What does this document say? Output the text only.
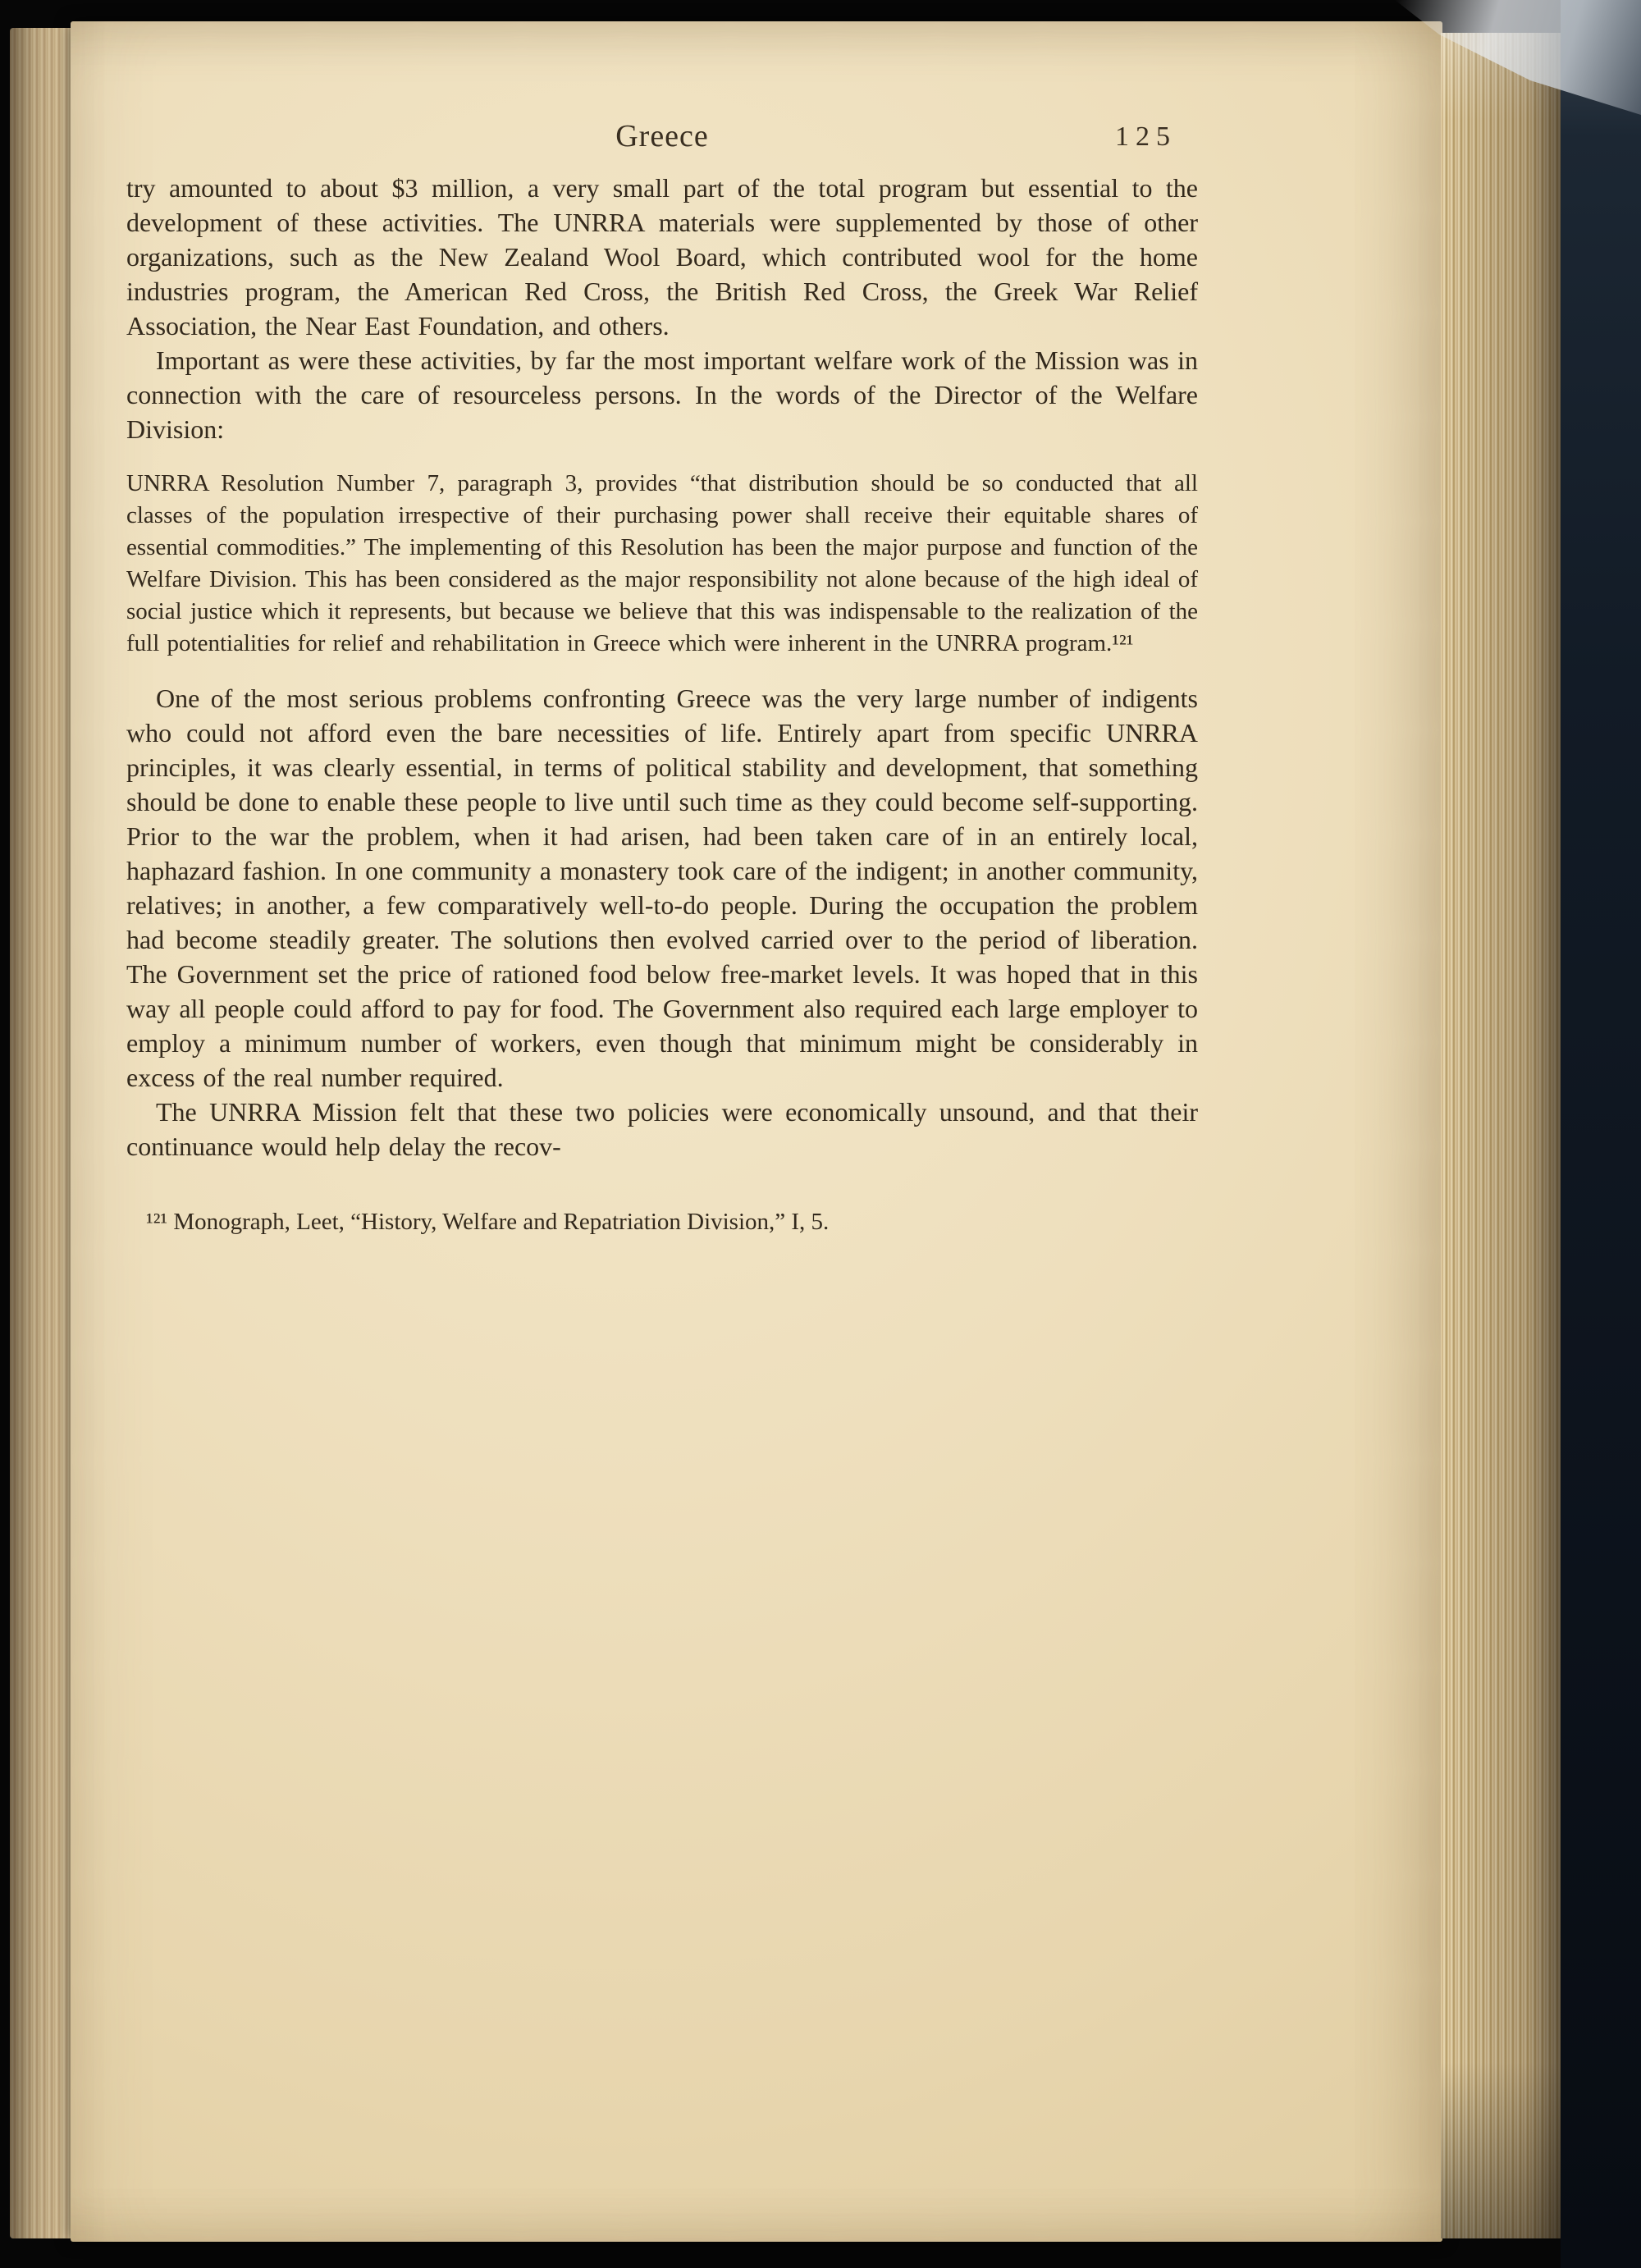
Greece	125

try amounted to about $3 million, a very small part of the total program but essential to the development of these activities. The UNRRA materials were supplemented by those of other organizations, such as the New Zealand Wool Board, which contributed wool for the home industries program, the American Red Cross, the British Red Cross, the Greek War Relief Association, the Near East Foundation, and others.

Important as were these activities, by far the most important welfare work of the Mission was in connection with the care of resourceless persons. In the words of the Director of the Welfare Division:

UNRRA Resolution Number 7, paragraph 3, provides “that distribution should be so conducted that all classes of the population irrespective of their purchasing power shall receive their equitable shares of essential commodities.” The implementing of this Resolution has been the major purpose and function of the Welfare Division. This has been considered as the major responsibility not alone because of the high ideal of social justice which it represents, but because we believe that this was indispensable to the realization of the full potentialities for relief and rehabilitation in Greece which were inherent in the UNRRA program.¹²¹

One of the most serious problems confronting Greece was the very large number of indigents who could not afford even the bare necessities of life. Entirely apart from specific UNRRA principles, it was clearly essential, in terms of political stability and development, that something should be done to enable these people to live until such time as they could become self-supporting. Prior to the war the problem, when it had arisen, had been taken care of in an entirely local, haphazard fashion. In one community a monastery took care of the indigent; in another community, relatives; in another, a few comparatively well-to-do people. During the occupation the problem had become steadily greater. The solutions then evolved carried over to the period of liberation. The Government set the price of rationed food below free-market levels. It was hoped that in this way all people could afford to pay for food. The Government also required each large employer to employ a minimum number of workers, even though that minimum might be considerably in excess of the real number required.

The UNRRA Mission felt that these two policies were economically unsound, and that their continuance would help delay the recov-

¹²¹ Monograph, Leet, “History, Welfare and Repatriation Division,” I, 5.
